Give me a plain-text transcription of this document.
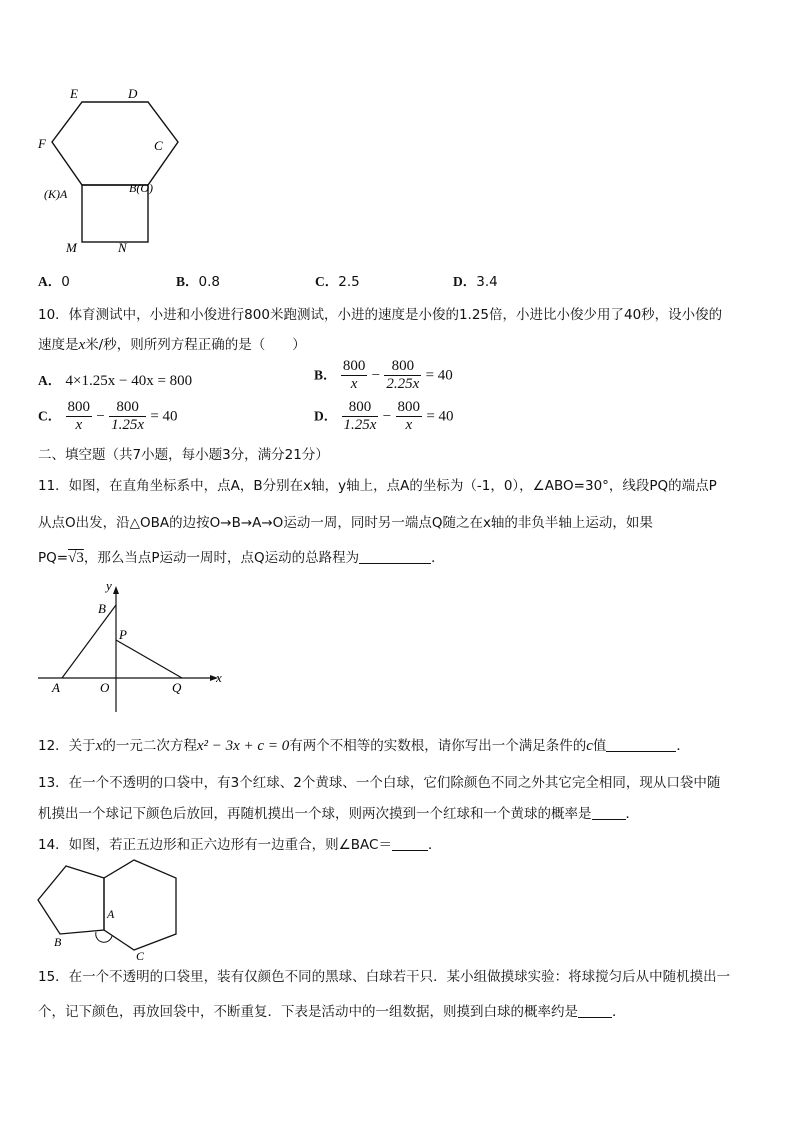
E	D
F	C
(K)A	B(O)
M	N
A．0	B．0.8	C．2.5	D．3.4
10．体育测试中，小进和小俊进行800米跑测试，小进的速度是小俊的1.25倍，小进比小俊少用了40秒，设小俊的
速度是x米/秒，则所列方程正确的是（　　）
A． 4×1.25x − 40x = 800	B． $\frac{800}{x} - \frac{800}{2.25x} = 40$
C． $\frac{800}{x} - \frac{800}{1.25x} = 40$	D． $\frac{800}{1.25x} - \frac{800}{x} = 40$
二、填空题（共7小题，每小题3分，满分21分）
11．如图，在直角坐标系中，点A，B分别在x轴，y轴上，点A的坐标为（-1，0），∠ABO=30°，线段PQ的端点P
从点O出发，沿△OBA的边按O→B→A→O运动一周，同时另一端点Q随之在x轴的非负半轴上运动，如果
PQ=√3，那么当点P运动一周时，点Q运动的总路程为	．
y
x
B
P
A	O	Q
12．关于x的一元二次方程x² − 3x + c = 0有两个不相等的实数根，请你写出一个满足条件的c值	．
13．在一个不透明的口袋中，有3个红球、2个黄球、一个白球，它们除颜色不同之外其它完全相同，现从口袋中随
机摸出一个球记下颜色后放回，再随机摸出一个球，则两次摸到一个红球和一个黄球的概率是	．
14．如图，若正五边形和正六边形有一边重合，则∠BAC＝	．
A
B
C
15．在一个不透明的口袋里，装有仅颜色不同的黑球、白球若干只．某小组做摸球实验：将球搅匀后从中随机摸出一
个，记下颜色，再放回袋中，不断重复．下表是活动中的一组数据，则摸到白球的概率约是	．
